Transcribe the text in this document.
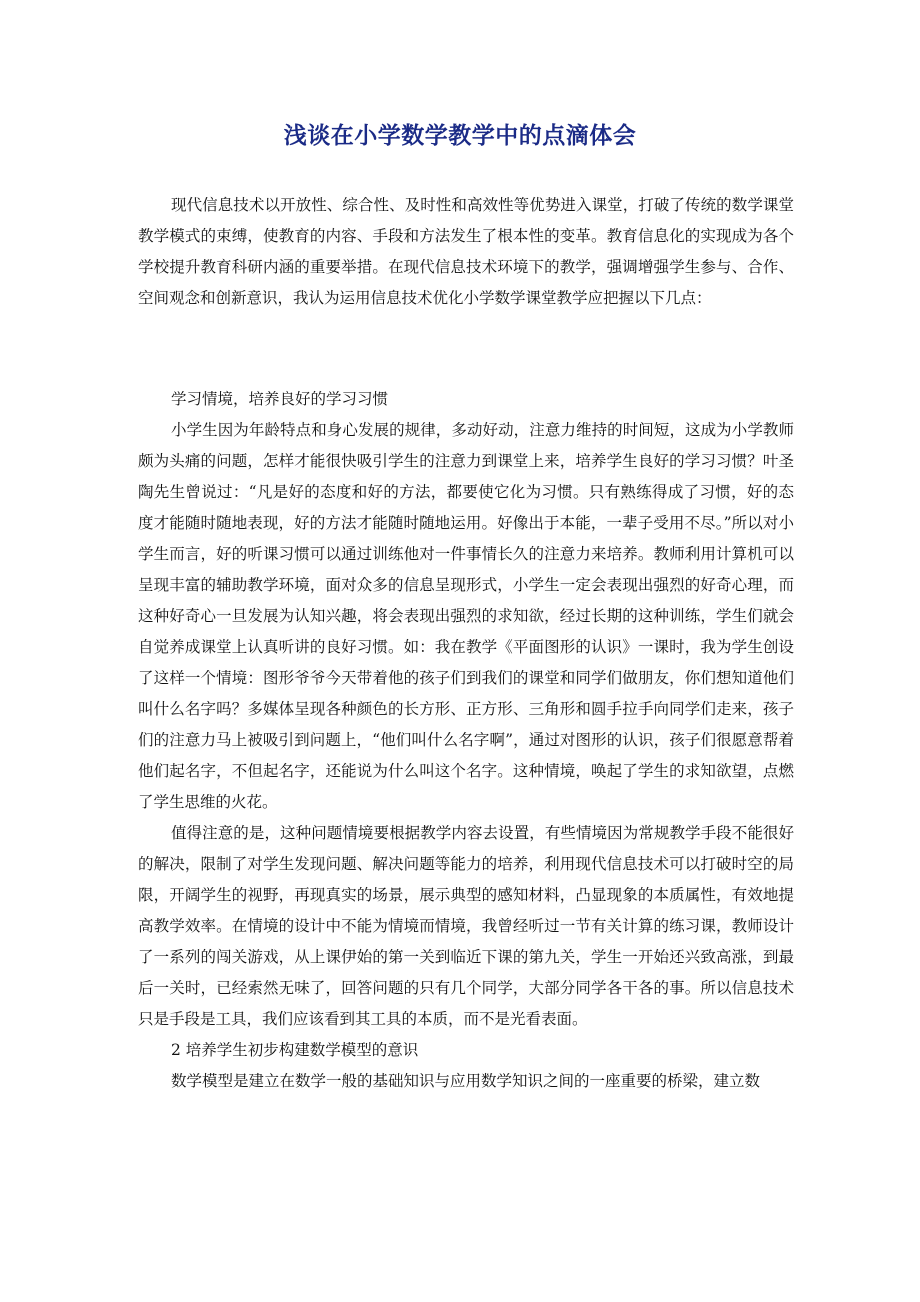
浅谈在小学数学教学中的点滴体会

现代信息技术以开放性、综合性、及时性和高效性等优势进入课堂，打破了传统的数学课堂教学模式的束缚，使教育的内容、手段和方法发生了根本性的变革。教育信息化的实现成为各个学校提升教育科研内涵的重要举措。在现代信息技术环境下的教学，强调增强学生参与、合作、空间观念和创新意识，我认为运用信息技术优化小学数学课堂教学应把握以下几点：

学习情境，培养良好的学习习惯

小学生因为年龄特点和身心发展的规律，多动好动，注意力维持的时间短，这成为小学教师颇为头痛的问题，怎样才能很快吸引学生的注意力到课堂上来，培养学生良好的学习习惯？叶圣陶先生曾说过：“凡是好的态度和好的方法，都要使它化为习惯。只有熟练得成了习惯，好的态度才能随时随地表现，好的方法才能随时随地运用。好像出于本能，一辈子受用不尽。”所以对小学生而言，好的听课习惯可以通过训练他对一件事情长久的注意力来培养。教师利用计算机可以呈现丰富的辅助教学环境，面对众多的信息呈现形式，小学生一定会表现出强烈的好奇心理，而这种好奇心一旦发展为认知兴趣，将会表现出强烈的求知欲，经过长期的这种训练，学生们就会自觉养成课堂上认真听讲的良好习惯。如：我在教学《平面图形的认识》一课时，我为学生创设了这样一个情境：图形爷爷今天带着他的孩子们到我们的课堂和同学们做朋友，你们想知道他们叫什么名字吗？多媒体呈现各种颜色的长方形、正方形、三角形和圆手拉手向同学们走来，孩子们的注意力马上被吸引到问题上，“他们叫什么名字啊”，通过对图形的认识，孩子们很愿意帮着他们起名字，不但起名字，还能说为什么叫这个名字。这种情境，唤起了学生的求知欲望，点燃了学生思维的火花。

值得注意的是，这种问题情境要根据教学内容去设置，有些情境因为常规教学手段不能很好的解决，限制了对学生发现问题、解决问题等能力的培养，利用现代信息技术可以打破时空的局限，开阔学生的视野，再现真实的场景，展示典型的感知材料，凸显现象的本质属性，有效地提高教学效率。在情境的设计中不能为情境而情境，我曾经听过一节有关计算的练习课，教师设计了一系列的闯关游戏，从上课伊始的第一关到临近下课的第九关，学生一开始还兴致高涨，到最后一关时，已经索然无味了，回答问题的只有几个同学，大部分同学各干各的事。所以信息技术只是手段是工具，我们应该看到其工具的本质，而不是光看表面。

2 培养学生初步构建数学模型的意识

数学模型是建立在数学一般的基础知识与应用数学知识之间的一座重要的桥梁，建立数
